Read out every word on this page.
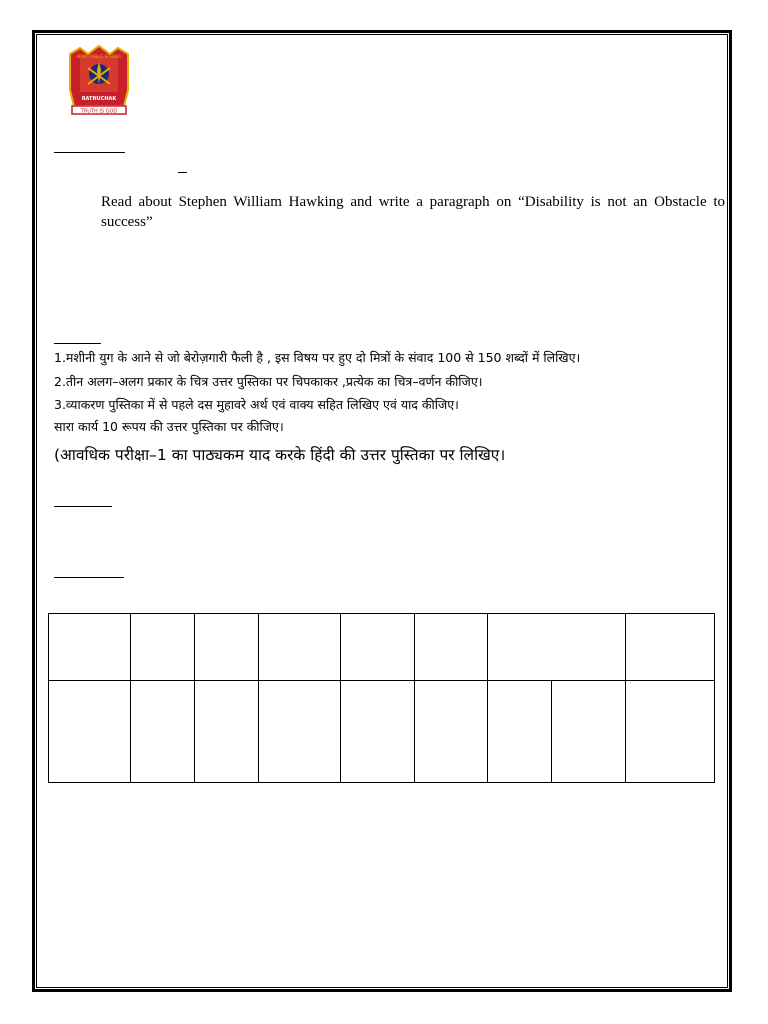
ARMY PUBLIC SCHOOL
RATNUCHAK
TRUTH IS GOD
Read about Stephen William Hawking and write a paragraph on “Disability is not an Obstacle to success”
1.मशीनी युग के आने से जो बेरोज़गारी फैली है , इस विषय पर हुए दो मित्रों के संवाद 100 से 150 शब्दों में लिखिए।
2.तीन अलग–अलग प्रकार के चित्र उत्तर पुस्तिका पर चिपकाकर ,प्रत्येक का चित्र–वर्णन कीजिए।
3.व्याकरण पुस्तिका में से पहले दस मुहावरे अर्थ एवं वाक्य सहित लिखिए एवं याद कीजिए।
सारा कार्य 10 रूपय की उत्तर पुस्तिका पर कीजिए।
(आवधिक परीक्षा–1 का पाठ्यकम याद करके हिंदी की उत्तर पुस्तिका पर लिखिए।
